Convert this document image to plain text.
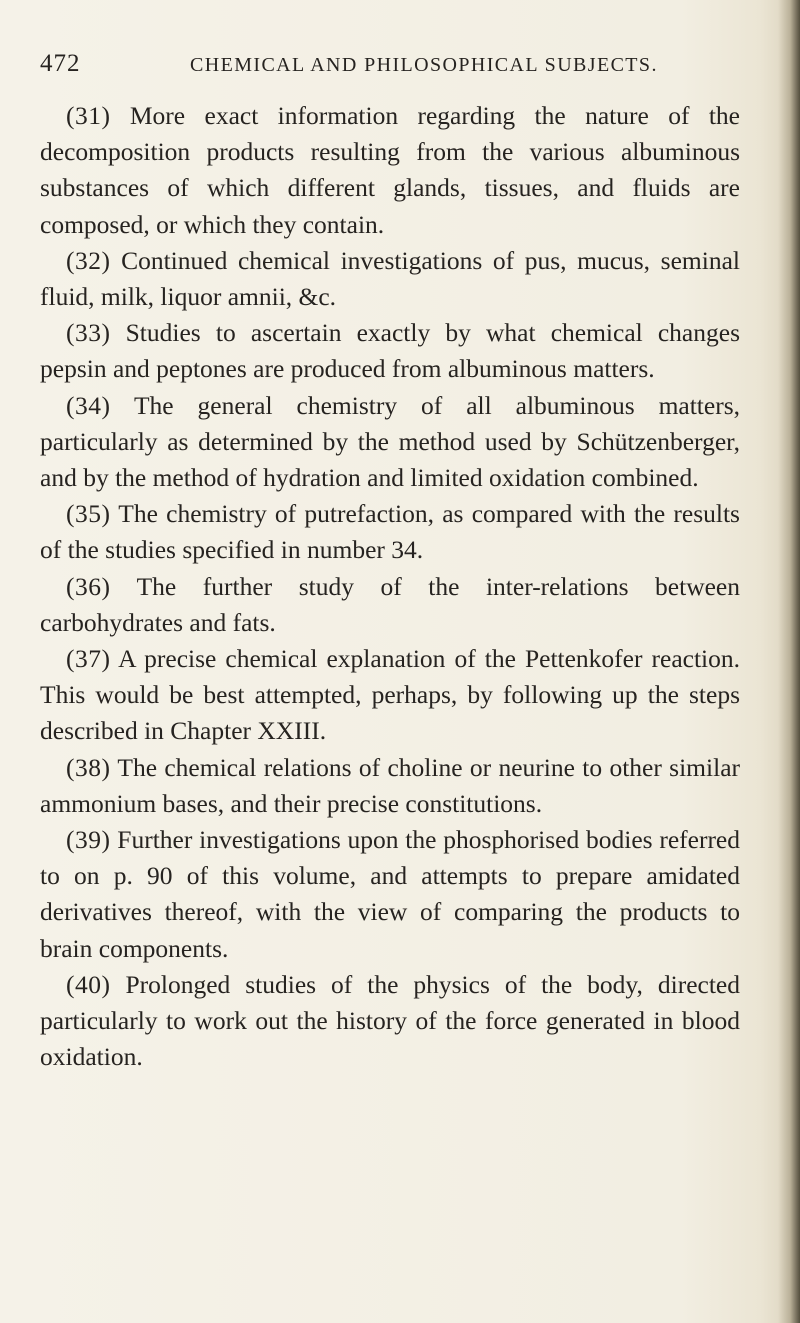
472	CHEMICAL AND PHILOSOPHICAL SUBJECTS.

(31) More exact information regarding the nature of the decomposition products resulting from the various albuminous substances of which different glands, tissues, and fluids are composed, or which they contain.

(32) Continued chemical investigations of pus, mucus, seminal fluid, milk, liquor amnii, &c.

(33) Studies to ascertain exactly by what chemical changes pepsin and peptones are produced from albuminous matters.

(34) The general chemistry of all albuminous matters, particularly as determined by the method used by Schützenberger, and by the method of hydration and limited oxidation combined.

(35) The chemistry of putrefaction, as compared with the results of the studies specified in number 34.

(36) The further study of the inter-relations between carbohydrates and fats.

(37) A precise chemical explanation of the Pettenkofer reaction. This would be best attempted, perhaps, by following up the steps described in Chapter XXIII.

(38) The chemical relations of choline or neurine to other similar ammonium bases, and their precise constitutions.

(39) Further investigations upon the phosphorised bodies referred to on p. 90 of this volume, and attempts to prepare amidated derivatives thereof, with the view of comparing the products to brain components.

(40) Prolonged studies of the physics of the body, directed particularly to work out the history of the force generated in blood oxidation.
